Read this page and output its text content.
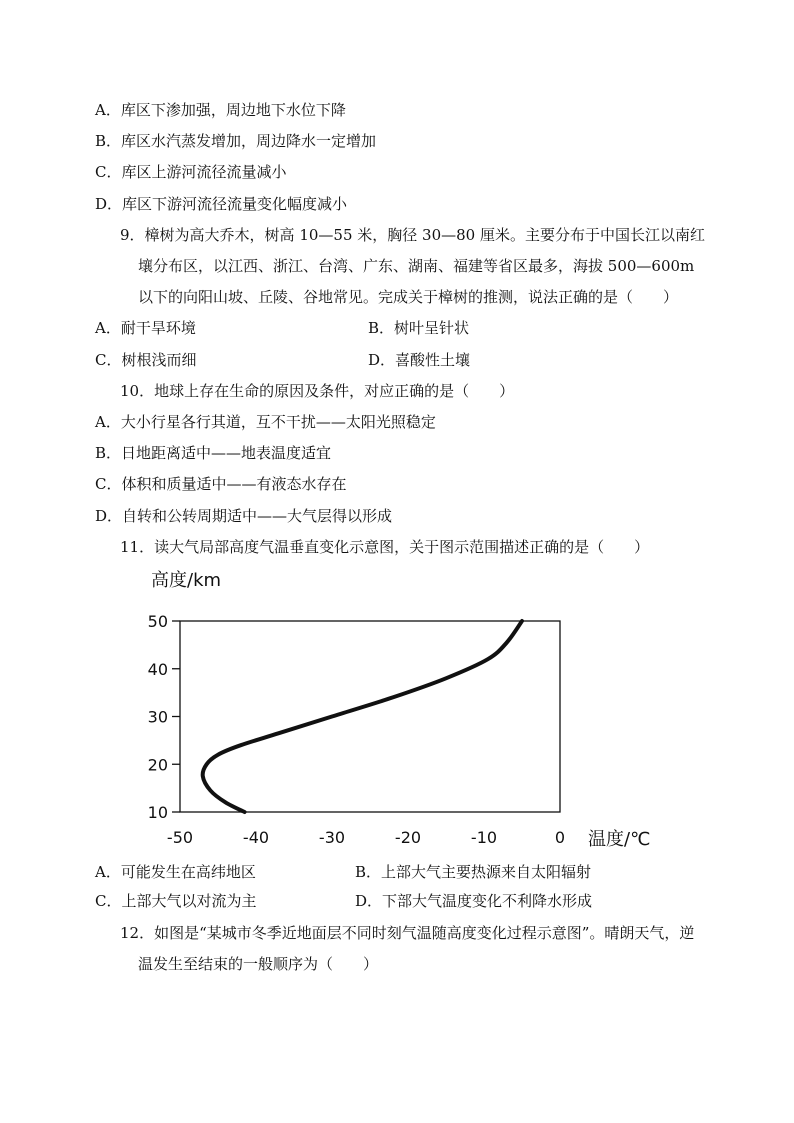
A．库区下渗加强，周边地下水位下降
B．库区水汽蒸发增加，周边降水一定增加
C．库区上游河流径流量减小
D．库区下游河流径流量变化幅度减小
9．樟树为高大乔木，树高 10—55 米，胸径 30—80 厘米。主要分布于中国长江以南红
壤分布区，以江西、浙江、台湾、广东、湖南、福建等省区最多，海拔 500—600m
以下的向阳山坡、丘陵、谷地常见。完成关于樟树的推测，说法正确的是（　　）
A．耐干旱环境	B．树叶呈针状
C．树根浅而细	D．喜酸性土壤
10．地球上存在生命的原因及条件，对应正确的是（　　）
A．大小行星各行其道，互不干扰——太阳光照稳定
B．日地距离适中——地表温度适宜
C．体积和质量适中——有液态水存在
D．自转和公转周期适中——大气层得以形成
11．读大气局部高度气温垂直变化示意图，关于图示范围描述正确的是（　　）
高度/km
温度/℃
10
20
30
40
50
-50	-40	-30	-20	-10	0
A．可能发生在高纬地区	B．上部大气主要热源来自太阳辐射
C．上部大气以对流为主	D．下部大气温度变化不利降水形成
12．如图是“某城市冬季近地面层不同时刻气温随高度变化过程示意图”。晴朗天气，逆
温发生至结束的一般顺序为（　　）
